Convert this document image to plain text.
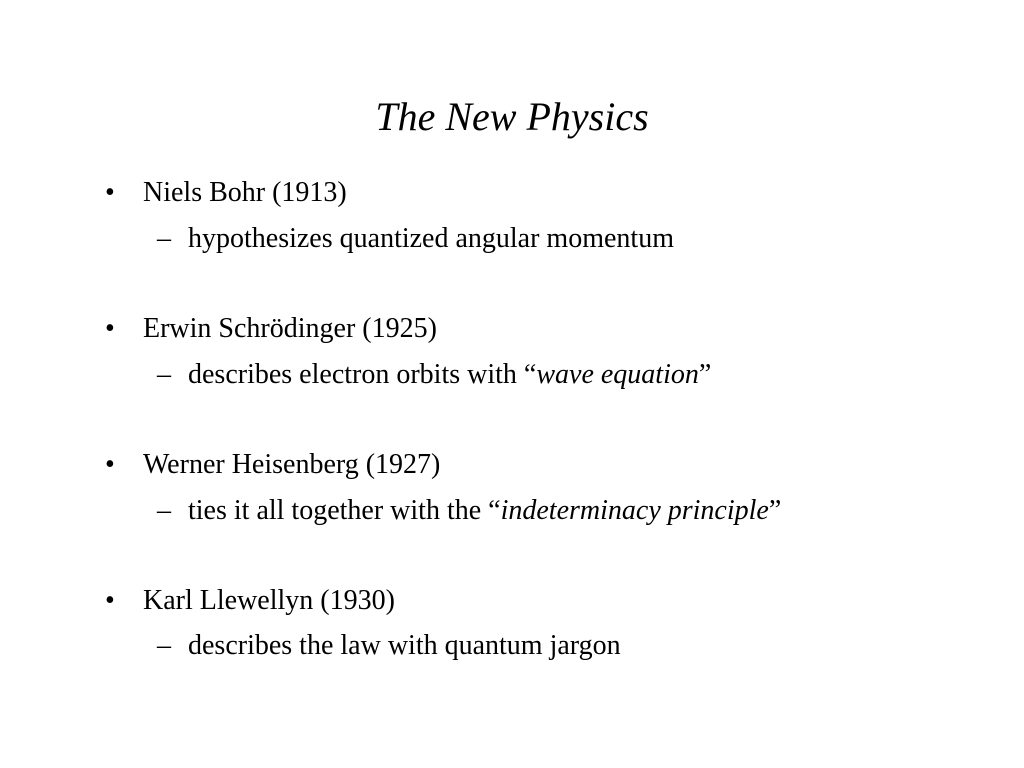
The New Physics
• Niels Bohr (1913)
– hypothesizes quantized angular momentum
• Erwin Schrödinger (1925)
– describes electron orbits with “wave equation”
• Werner Heisenberg (1927)
– ties it all together with the “indeterminacy principle”
• Karl Llewellyn (1930)
– describes the law with quantum jargon
